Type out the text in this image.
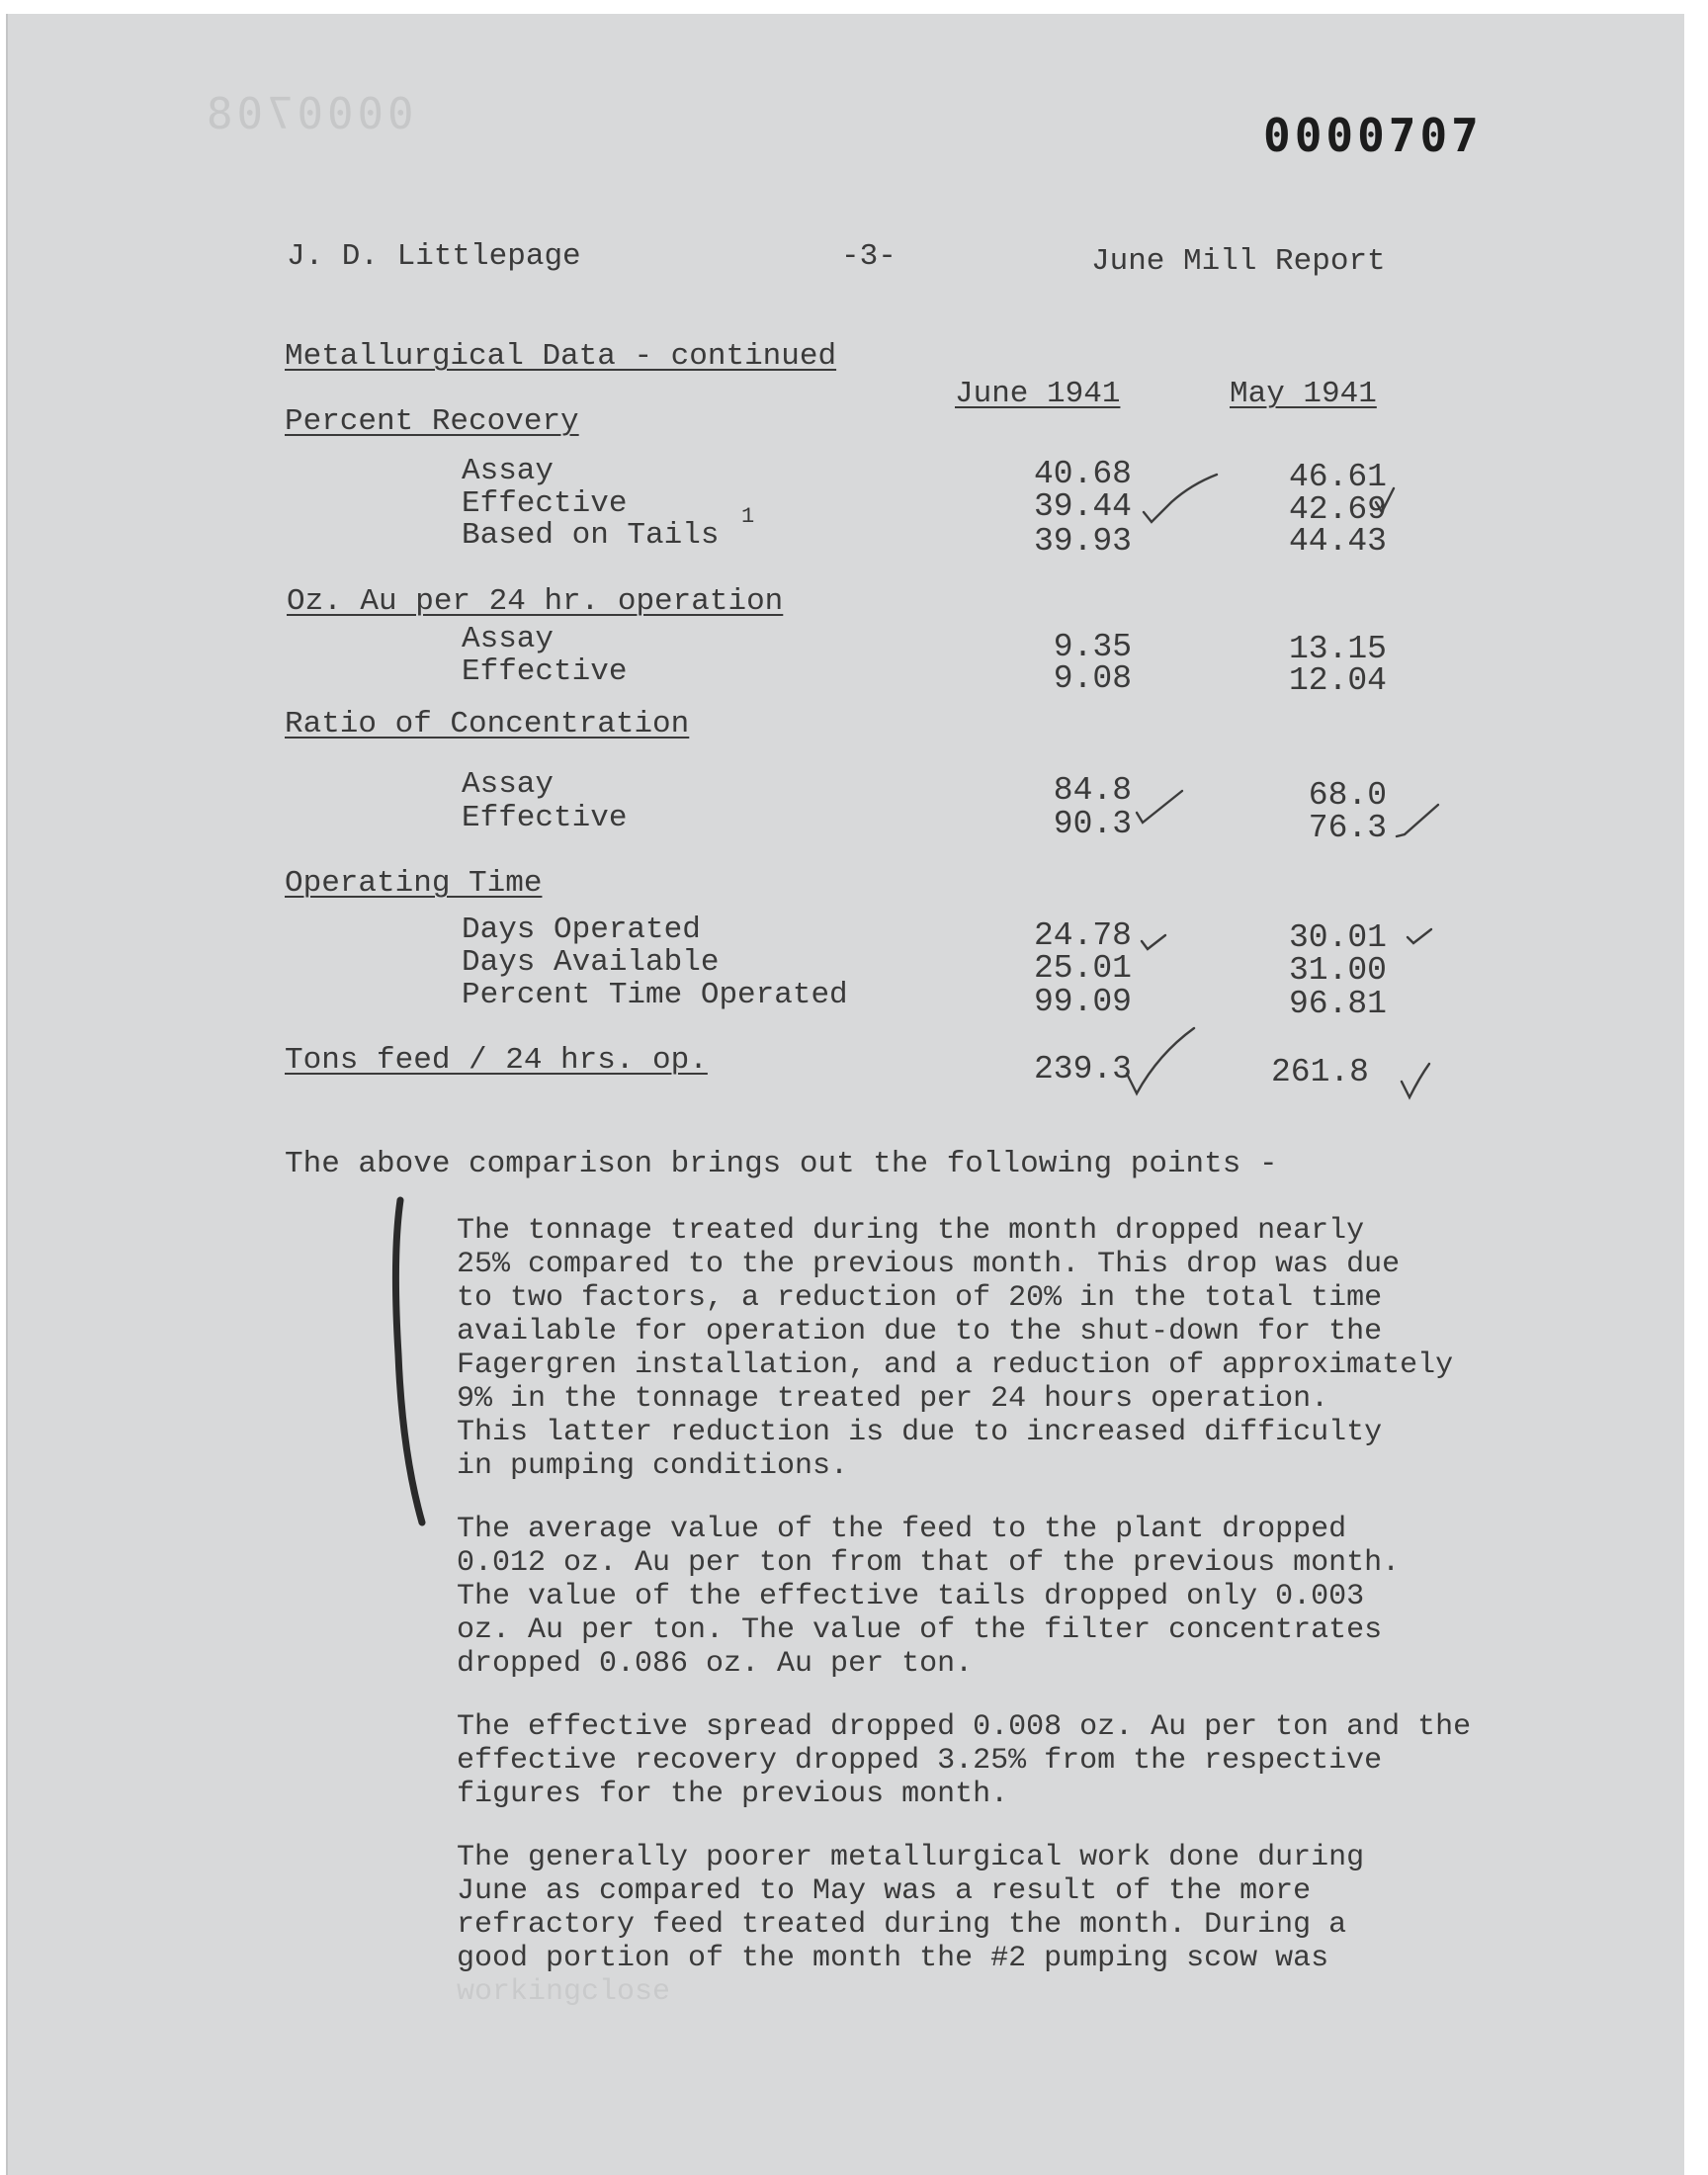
0000708	0000707
J. D. Littlepage	-3-	June Mill Report
Metallurgical Data - continued
June 1941	May 1941
Percent Recovery
Assay	40.68	46.61
Effective	39.44	42.69
1
Based on Tails	39.93	44.43
Oz. Au per 24 hr. operation
Assay	9.35	13.15
Effective	9.08	12.04
Ratio of Concentration
Assay	84.8	68.0
Effective	90.3	76.3
Operating Time
Days Operated	24.78	30.01
Days Available	25.01	31.00
Percent Time Operated	99.09	96.81
Tons feed / 24 hrs. op.	239.3	261.8
The above comparison brings out the following points -
The tonnage treated during the month dropped nearly
25% compared to the previous month. This drop was due
to two factors, a reduction of 20% in the total time
available for operation due to the shut-down for the
Fagergren installation, and a reduction of approximately
9% in the tonnage treated per 24 hours operation.
This latter reduction is due to increased difficulty
in pumping conditions.
The average value of the feed to the plant dropped
0.012 oz. Au per ton from that of the previous month.
The value of the effective tails dropped only 0.003
oz. Au per ton. The value of the filter concentrates
dropped 0.086 oz. Au per ton.
The effective spread dropped 0.008 oz. Au per ton and the
effective recovery dropped 3.25% from the respective
figures for the previous month.
The generally poorer metallurgical work done during
June as compared to May was a result of the more
refractory feed treated during the month. During a
good portion of the month the #2 pumping scow was
workingclose
